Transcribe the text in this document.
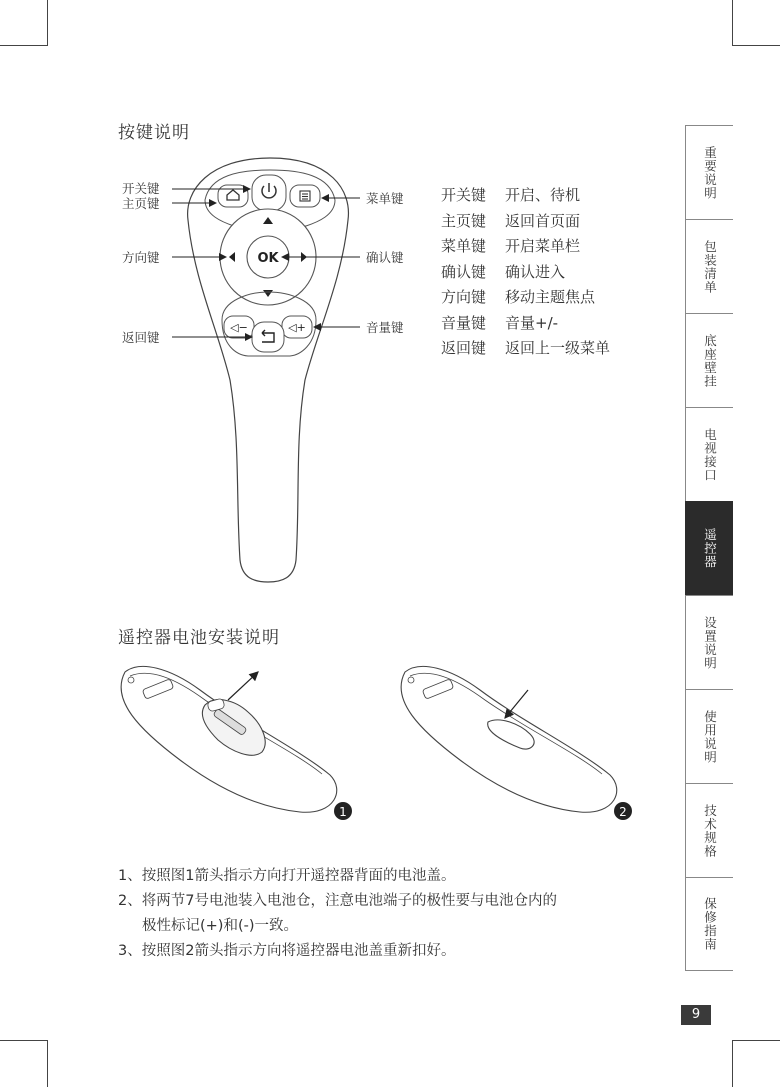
按键说明
OK
◁−	◁+
开关键
主页键	菜单键
方向键	确认键
音量键
返回键
1	2
开关键 开启、待机
主页键 返回首页面
菜单键 开启菜单栏
确认键 确认进入
方向键 移动主题焦点
音量键 音量+/-
返回键 返回上一级菜单
遥控器电池安装说明
1、按照图1箭头指示方向打开遥控器背面的电池盖。
2、将两节7号电池装入电池仓，注意电池端子的极性要与电池仓内的
极性标记(+)和(-)一致。
3、按照图2箭头指示方向将遥控器电池盖重新扣好。
重要说明
包装清单
底座壁挂
电视接口
遥控器
设置说明
使用说明
技术规格
保修指南
9
